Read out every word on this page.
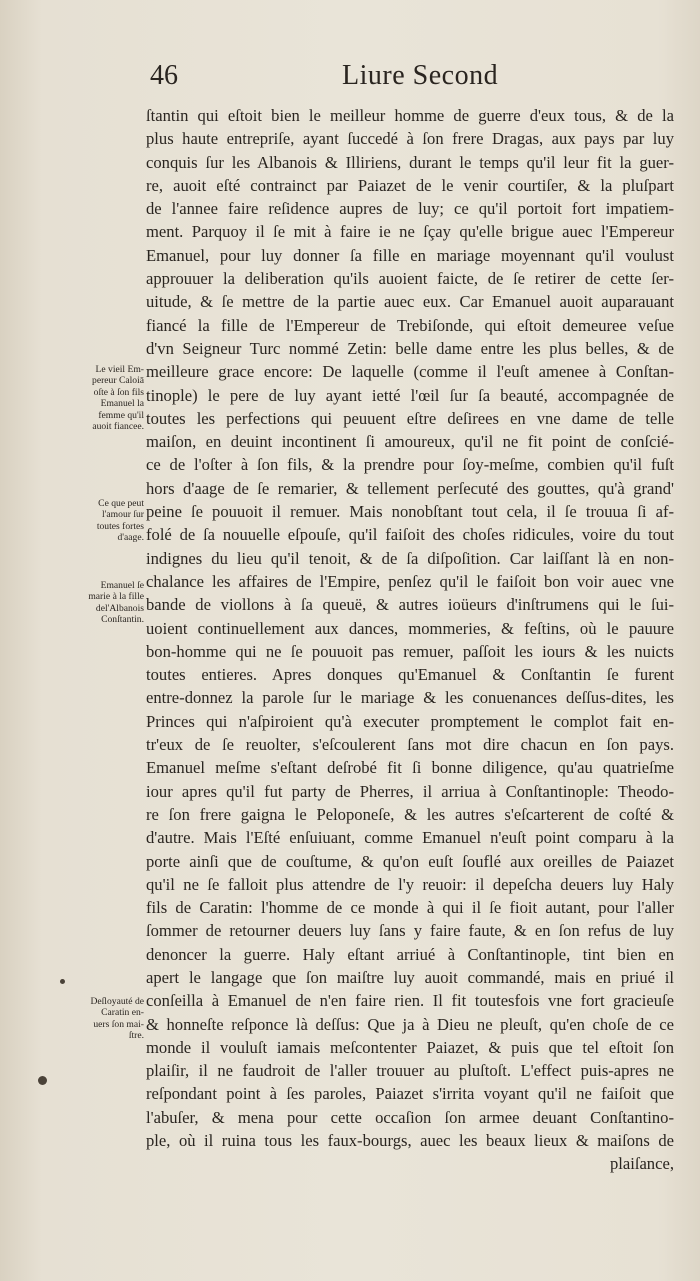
46	Liure Second
Le vieil Em-
pereur Caloiā
oſte à ſon fils
Emanuel la
femme qu'il
auoit fiancee.
Ce que peut
l'amour ſur
toutes fortes
d'aage.
Emanuel ſe
marie à la fille
del'Albanois
Conſtantin.
Deſloyauté de
Caratin en-
uers ſon mai-
ſtre.
ſtantin qui eſtoit bien le meilleur homme de guerre d'eux tous, & de la
plus haute entrepriſe, ayant ſuccedé à ſon frere Dragas, aux pays par luy
conquis ſur les Albanois & Illiriens, durant le temps qu'il leur fit la guer-
re, auoit eſté contrainct par Paiazet de le venir courtiſer, & la pluſpart
de l'annee faire reſidence aupres de luy; ce qu'il portoit fort impatiem-
ment. Parquoy il ſe mit à faire ie ne ſçay qu'elle brigue auec l'Empereur
Emanuel, pour luy donner ſa fille en mariage moyennant qu'il voulust
approuuer la deliberation qu'ils auoient faicte, de ſe retirer de cette ſer-
uitude, & ſe mettre de la partie auec eux. Car Emanuel auoit auparauant
fiancé la fille de l'Empereur de Trebiſonde, qui eſtoit demeuree veſue
d'vn Seigneur Turc nommé Zetin: belle dame entre les plus belles, & de
meilleure grace encore: De laquelle (comme il l'euſt amenee à Conſtan-
tinople) le pere de luy ayant ietté l'œil ſur ſa beauté, accompagnée de
toutes les perfections qui peuuent eſtre deſirees en vne dame de telle
maiſon, en deuint incontinent ſi amoureux, qu'il ne fit point de conſcié-
ce de l'oſter à ſon fils, & la prendre pour ſoy-meſme, combien qu'il fuſt
hors d'aage de ſe remarier, & tellement perſecuté des gouttes, qu'à grand'
peine ſe pouuoit il remuer. Mais nonobſtant tout cela, il ſe trouua ſi af-
folé de ſa nouuelle eſpouſe, qu'il faiſoit des choſes ridicules, voire du tout
indignes du lieu qu'il tenoit, & de ſa diſpoſition. Car laiſſant là en non-
chalance les affaires de l'Empire, penſez qu'il le faiſoit bon voir auec vne
bande de viollons à ſa queuë, & autres ioüeurs d'inſtrumens qui le ſui-
uoient continuellement aux dances, mommeries, & feſtins, où le pauure
bon-homme qui ne ſe pouuoit pas remuer, paſſoit les iours & les nuicts
toutes entieres. Apres donques qu'Emanuel & Conſtantin ſe furent
entre-donnez la parole ſur le mariage & les conuenances deſſus-dites, les
Princes qui n'aſpiroient qu'à executer promptement le complot fait en-
tr'eux de ſe reuolter, s'eſcoulerent ſans mot dire chacun en ſon pays.
Emanuel meſme s'eſtant deſrobé fit ſi bonne diligence, qu'au quatrieſme
iour apres qu'il fut party de Pherres, il arriua à Conſtantinople: Theodo-
re ſon frere gaigna le Peloponeſe, & les autres s'eſcarterent de coſté &
d'autre. Mais l'Eſté enſuiuant, comme Emanuel n'euſt point comparu à la
porte ainſi que de couſtume, & qu'on euſt ſouflé aux oreilles de Paiazet
qu'il ne ſe falloit plus attendre de l'y reuoir: il depeſcha deuers luy Haly
fils de Caratin: l'homme de ce monde à qui il ſe fioit autant, pour l'aller
ſommer de retourner deuers luy ſans y faire faute, & en ſon refus de luy
denoncer la guerre. Haly eſtant arriué à Conſtantinople, tint bien en
apert le langage que ſon maiſtre luy auoit commandé, mais en priué il
conſeilla à Emanuel de n'en faire rien. Il fit toutesfois vne fort gracieuſe
& honneſte reſponce là deſſus: Que ja à Dieu ne pleuſt, qu'en choſe de ce
monde il vouluſt iamais meſcontenter Paiazet, & puis que tel eſtoit ſon
plaiſir, il ne faudroit de l'aller trouuer au pluſtoſt. L'effect puis-apres ne
reſpondant point à ſes paroles, Paiazet s'irrita voyant qu'il ne faiſoit que
l'abuſer, & mena pour cette occaſion ſon armee deuant Conſtantino-
ple, où il ruina tous les faux-bourgs, auec les beaux lieux & maiſons de
plaiſance,
